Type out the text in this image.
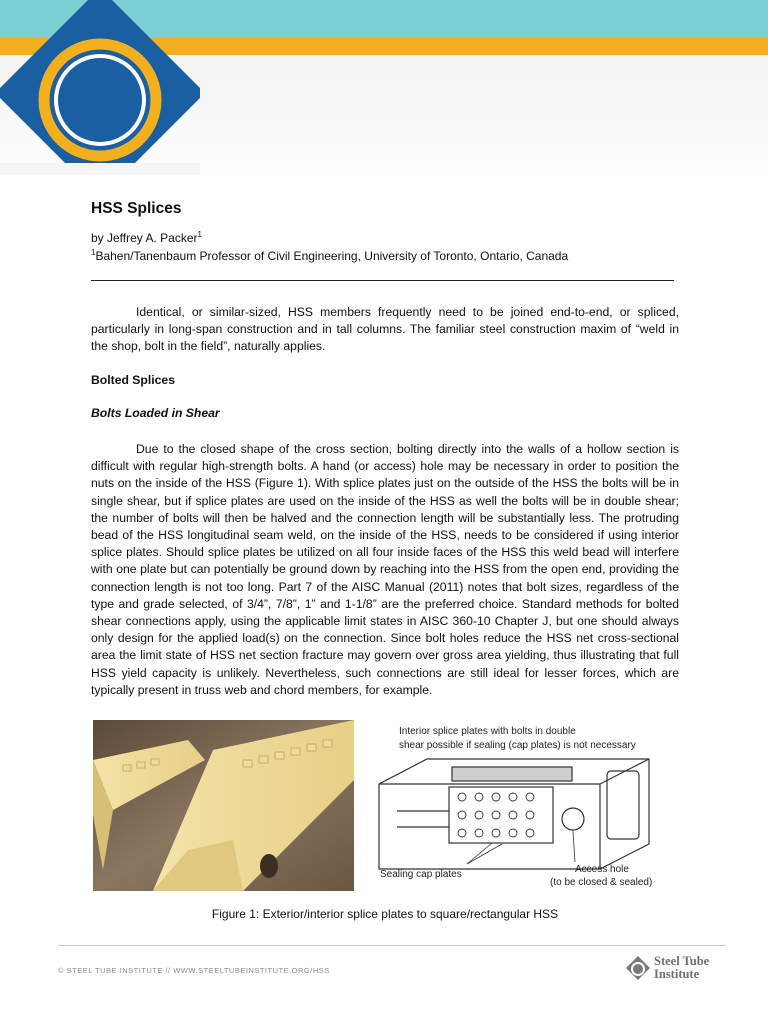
HSS Splices
by Jeffrey A. Packer$^1$
$^1$Bahen/Tanenbaum Professor of Civil Engineering, University of Toronto, Ontario, Canada

Identical, or similar-sized, HSS members frequently need to be joined end-to-end, or spliced, particularly in long-span construction and in tall columns. The familiar steel construction maxim of “weld in the shop, bolt in the field”, naturally applies.

Bolted Splices
Bolts Loaded in Shear

Due to the closed shape of the cross section, bolting directly into the walls of a hollow section is difficult with regular high-strength bolts. A hand (or access) hole may be necessary in order to position the nuts on the inside of the HSS (Figure 1). With splice plates just on the outside of the HSS the bolts will be in single shear, but if splice plates are used on the inside of the HSS as well the bolts will be in double shear; the number of bolts will then be halved and the connection length will be substantially less. The protruding bead of the HSS longitudinal seam weld, on the inside of the HSS, needs to be considered if using interior splice plates. Should splice plates be utilized on all four inside faces of the HSS this weld bead will interfere with one plate but can potentially be ground down by reaching into the HSS from the open end, providing the connection length is not too long. Part 7 of the AISC Manual (2011) notes that bolt sizes, regardless of the type and grade selected, of 3/4”, 7/8”, 1” and 1-1/8” are the preferred choice. Standard methods for bolted shear connections apply, using the applicable limit states in AISC 360-10 Chapter J, but one should always only design for the applied load(s) on the connection. Since bolt holes reduce the HSS net cross-sectional area the limit state of HSS net section fracture may govern over gross area yielding, thus illustrating that full HSS yield capacity is unlikely. Nevertheless, such connections are still ideal for lesser forces, which are typically present in truss web and chord members, for example.

Interior splice plates with bolts in double
shear possible if sealing (cap plates) is not necessary
Sealing cap plates	Access hole
(to be closed & sealed)
Figure 1: Exterior/interior splice plates to square/rectangular HSS
© STEEL TUBE INSTITUTE // WWW.STEELTUBEINSTITUTE.ORG/HSS
Steel Tube
Institute
